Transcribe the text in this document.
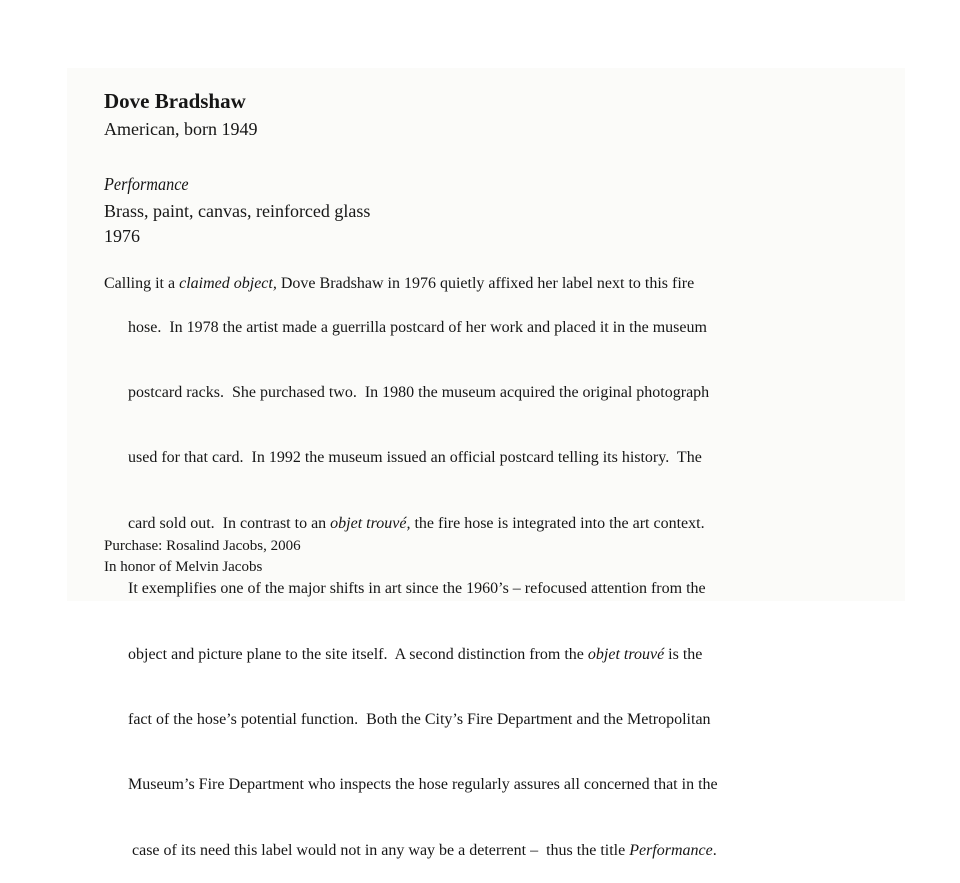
Dove Bradshaw
American, born 1949
Performance
Brass, paint, canvas, reinforced glass
1976
Calling it a claimed object, Dove Bradshaw in 1976 quietly affixed her label next to this fire

hose.  In 1978 the artist made a guerrilla postcard of her work and placed it in the museum

postcard racks.  She purchased two.  In 1980 the museum acquired the original photograph

used for that card.  In 1992 the museum issued an official postcard telling its history.  The

card sold out.  In contrast to an objet trouvé, the fire hose is integrated into the art context.

It exemplifies one of the major shifts in art since the 1960’s – refocused attention from the

object and picture plane to the site itself.  A second distinction from the objet trouvé is the

fact of the hose’s potential function.  Both the City’s Fire Department and the Metropolitan

Museum’s Fire Department who inspects the hose regularly assures all concerned that in the

case of its need this label would not in any way be a deterrent –  thus the title Performance.

Purchase: Rosalind Jacobs, 2006
In honor of Melvin Jacobs
